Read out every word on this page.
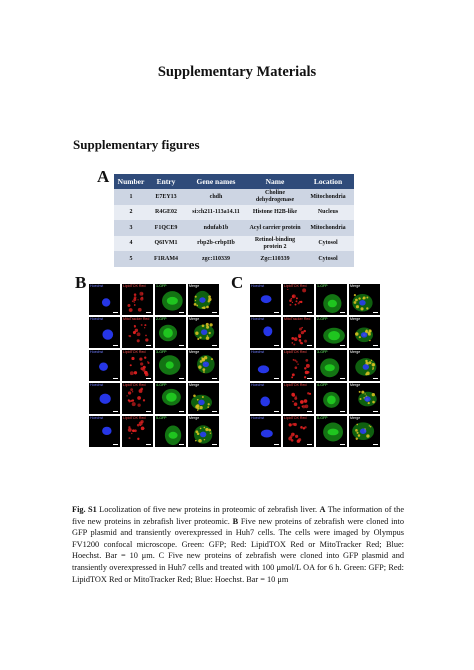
Supplementary Materials
Supplementary figures
A
B	C
Number	Entry	Gene names	Name	Location
1	E7EY13	chdh	Choline dehydrogenase	Mitochondria
2	R4GE02	si:ch211-113a14.11	Histone H2B-like	Nucleus
3	F1QCE9	ndufab1b	Acyl carrier protein	Mitochondria
4	Q6IVM1	rbp2b-crbpIIb	Retinol-binding protein 2	Cytosol
5	F1RAM4	zgc:110339	Zgc:110339	Cytosol
Hoechst	LipidTOX Red	1-GFP	Merge
Hoechst	MitoTracker Red 2-GFP	Merge
Hoechst	LipidTOX Red	3-GFP	Merge
Hoechst	LipidTOX Red	4-GFP	Merge
Hoechst	LipidTOX Red	5-GFP	Merge
Hoechst	LipidTOX Red	1-GFP	Merge
Hoechst	MitoTracker Red 2-GFP	Merge
Hoechst	LipidTOX Red	3-GFP	Merge
Hoechst	LipidTOX Red	4-GFP	Merge
Hoechst	LipidTOX Red	5-GFP	Merge
Fig. S1 Locolization of five new proteins in proteomic of zebrafish liver. A The information of the five new proteins in zebrafish liver proteomic. B Five new proteins of zebrafish were cloned into GFP plasmid and transiently overexpressed in Huh7 cells. The cells were imaged by Olympus FV1200 confocal microscope. Green: GFP; Red: LipidTOX Red or MitoTracker Red; Blue: Hoechst. Bar = 10 μm. C Five new proteins of zebrafish were cloned into GFP plasmid and transiently overexpressed in Huh7 cells and treated with 100 μmol/L OA for 6 h. Green: GFP; Red: LipidTOX Red or MitoTracker Red; Blue: Hoechst. Bar = 10 μm
